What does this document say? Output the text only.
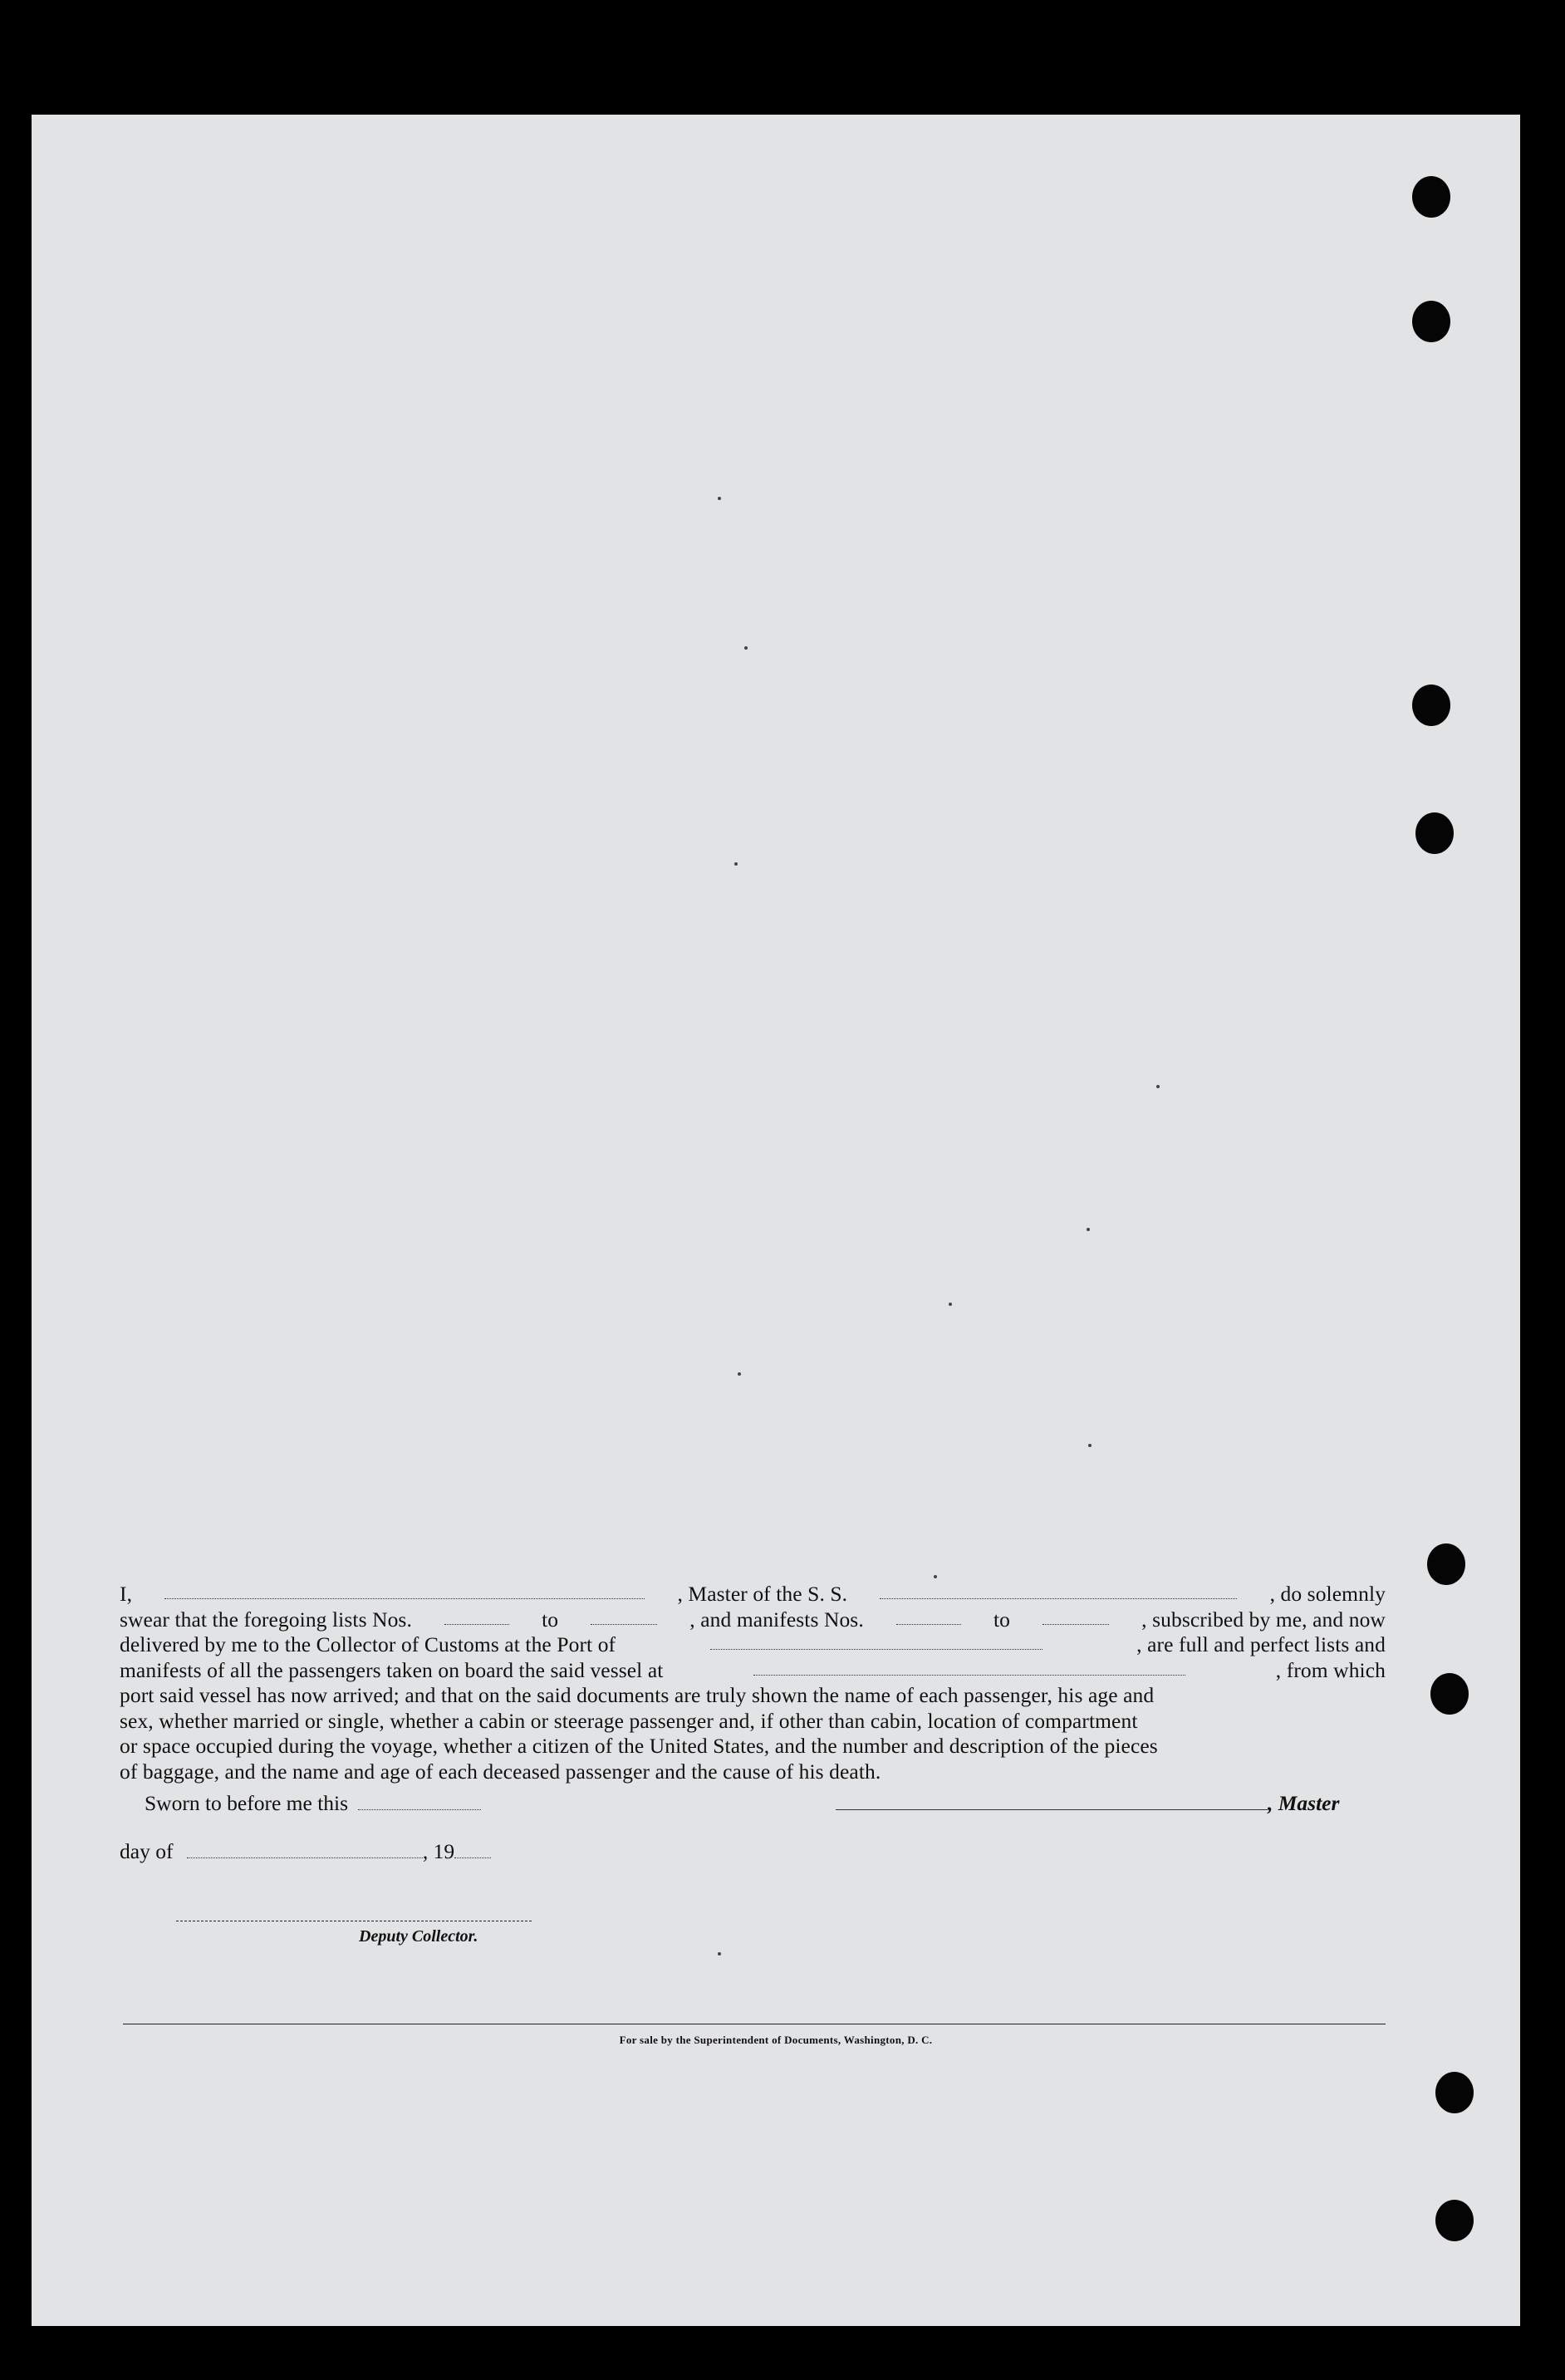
I,	, Master of the S. S.	, do solemnly
swear that the foregoing lists Nos.	to	, and manifests Nos.	to	, subscribed by me, and now
delivered by me to the Collector of Customs at the Port of	, are full and perfect lists and
manifests of all the passengers taken on board the said vessel at	, from which
port said vessel has now arrived; and that on the said documents are truly shown the name of each passenger, his age and
sex, whether married or single, whether a cabin or steerage passenger and, if other than cabin, location of compartment
or space occupied during the voyage, whether a citizen of the United States, and the number and description of the pieces
of baggage, and the name and age of each deceased passenger and the cause of his death.
Sworn to before me this	, Master
day of	, 19
Deputy Collector.
For sale by the Superintendent of Documents, Washington, D. C.
